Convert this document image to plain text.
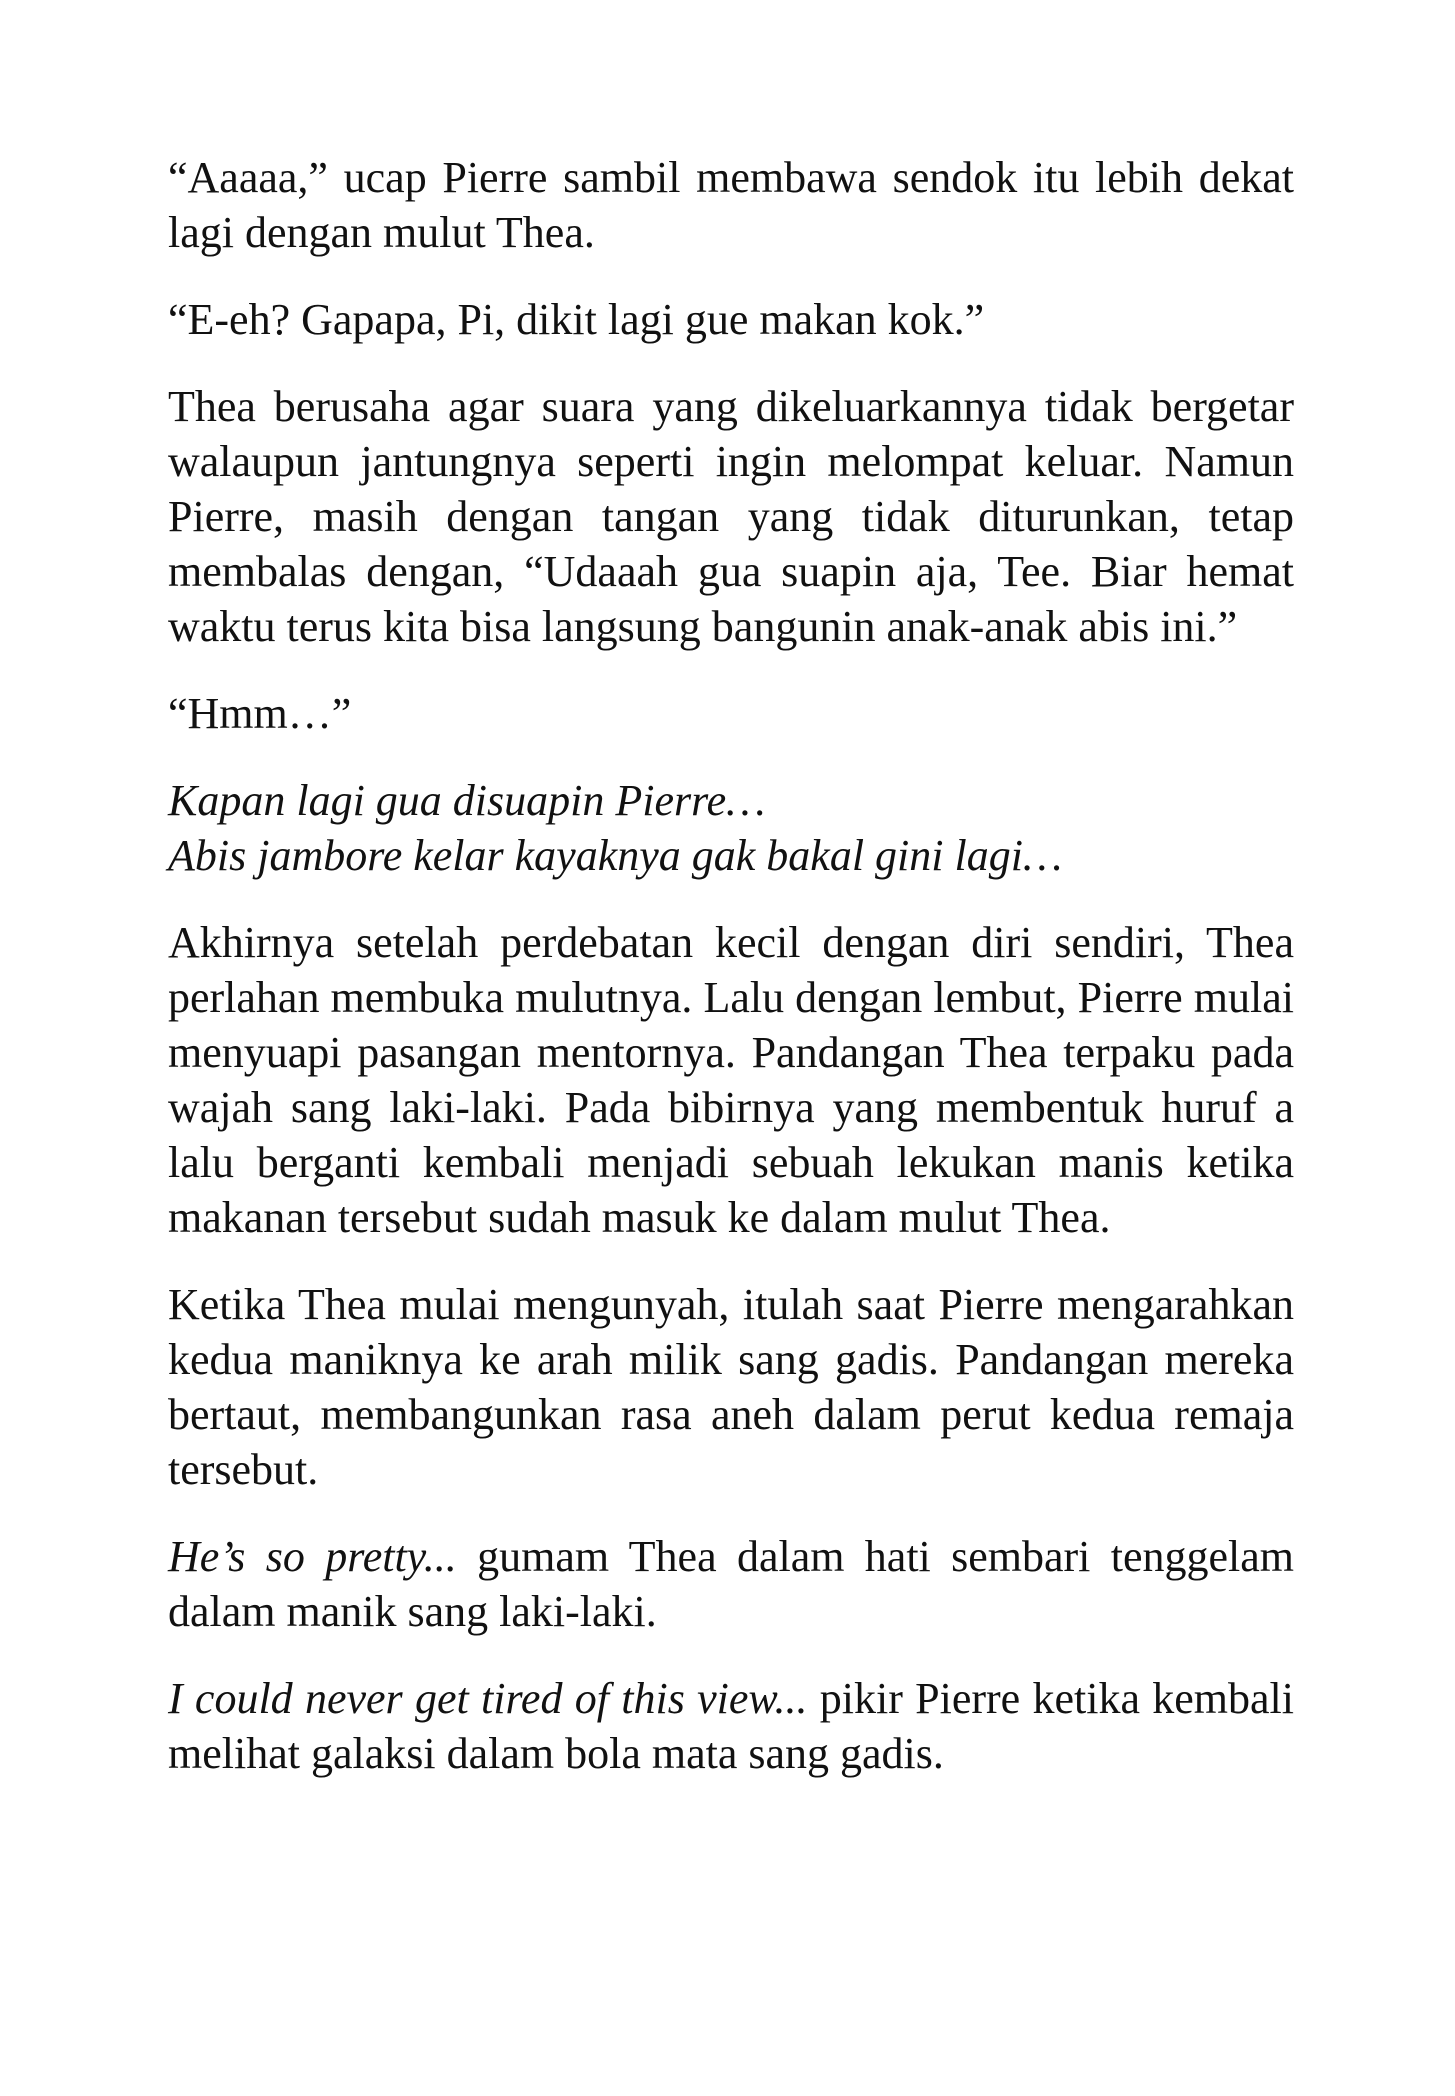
“Aaaaa,” ucap Pierre sambil membawa sendok itu lebih dekat lagi dengan mulut Thea.

“E-eh? Gapapa, Pi, dikit lagi gue makan kok.”

Thea berusaha agar suara yang dikeluarkannya tidak bergetar walaupun jantungnya seperti ingin melompat keluar. Namun Pierre, masih dengan tangan yang tidak diturunkan, tetap membalas dengan, “Udaaah gua suapin aja, Tee. Biar hemat waktu terus kita bisa langsung bangunin anak-anak abis ini.”

“Hmm…”

Kapan lagi gua disuapin Pierre…
Abis jambore kelar kayaknya gak bakal gini lagi…

Akhirnya setelah perdebatan kecil dengan diri sendiri, Thea perlahan membuka mulutnya. Lalu dengan lembut, Pierre mulai menyuapi pasangan mentornya. Pandangan Thea terpaku pada wajah sang laki-laki. Pada bibirnya yang membentuk huruf a lalu berganti kembali menjadi sebuah lekukan manis ketika makanan tersebut sudah masuk ke dalam mulut Thea.

Ketika Thea mulai mengunyah, itulah saat Pierre mengarahkan kedua maniknya ke arah milik sang gadis. Pandangan mereka bertaut, membangunkan rasa aneh dalam perut kedua remaja tersebut.

He’s so pretty... gumam Thea dalam hati sembari tenggelam dalam manik sang laki-laki.

I could never get tired of this view... pikir Pierre ketika kembali melihat galaksi dalam bola mata sang gadis.
